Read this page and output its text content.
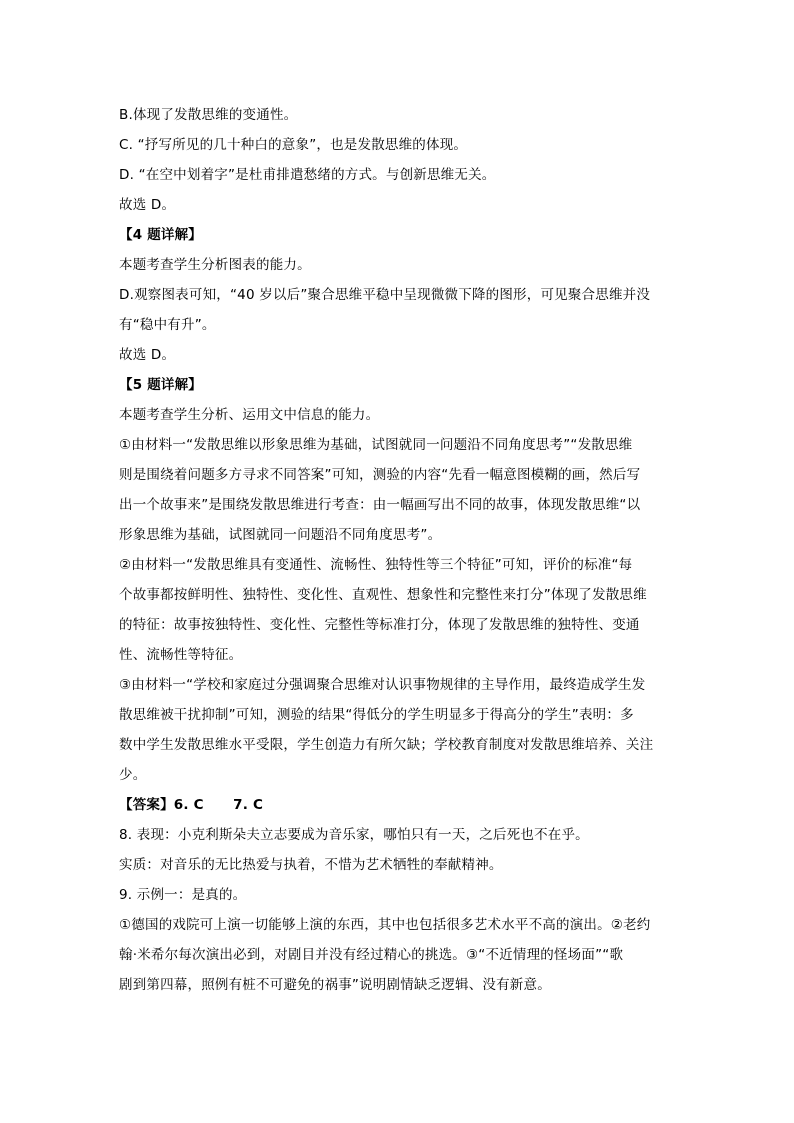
B.体现了发散思维的变通性。

C. “抒写所见的几十种白的意象”，也是发散思维的体现。

D. “在空中划着字”是杜甫排遣愁绪的方式。与创新思维无关。

故选 D。

【4 题详解】

本题考查学生分析图表的能力。

D.观察图表可知，“40 岁以后”聚合思维平稳中呈现微微下降的图形，可见聚合思维并没

有“稳中有升”。

故选 D。

【5 题详解】

本题考查学生分析、运用文中信息的能力。

①由材料一“发散思维以形象思维为基础，试图就同一问题沿不同角度思考”“发散思维

则是围绕着问题多方寻求不同答案”可知，测验的内容“先看一幅意图模糊的画，然后写

出一个故事来”是围绕发散思维进行考查：由一幅画写出不同的故事，体现发散思维“以

形象思维为基础，试图就同一问题沿不同角度思考”。

②由材料一“发散思维具有变通性、流畅性、独特性等三个特征”可知，评价的标准“每

个故事都按鲜明性、独特性、变化性、直观性、想象性和完整性来打分”体现了发散思维

的特征：故事按独特性、变化性、完整性等标准打分，体现了发散思维的独特性、变通

性、流畅性等特征。

③由材料一“学校和家庭过分强调聚合思维对认识事物规律的主导作用，最终造成学生发

散思维被干扰抑制”可知，测验的结果“得低分的学生明显多于得高分的学生”表明：多

数中学生发散思维水平受限，学生创造力有所欠缺；学校教育制度对发散思维培养、关注

少。

【答案】6. C      7. C

8. 表现：小克利斯朵夫立志要成为音乐家，哪怕只有一天，之后死也不在乎。

实质：对音乐的无比热爱与执着，不惜为艺术牺牲的奉献精神。

9. 示例一：是真的。

①德国的戏院可上演一切能够上演的东西，其中也包括很多艺术水平不高的演出。②老约

翰·米希尔每次演出必到，对剧目并没有经过精心的挑选。③“不近情理的怪场面”“歌

剧到第四幕，照例有桩不可避免的祸事”说明剧情缺乏逻辑、没有新意。
